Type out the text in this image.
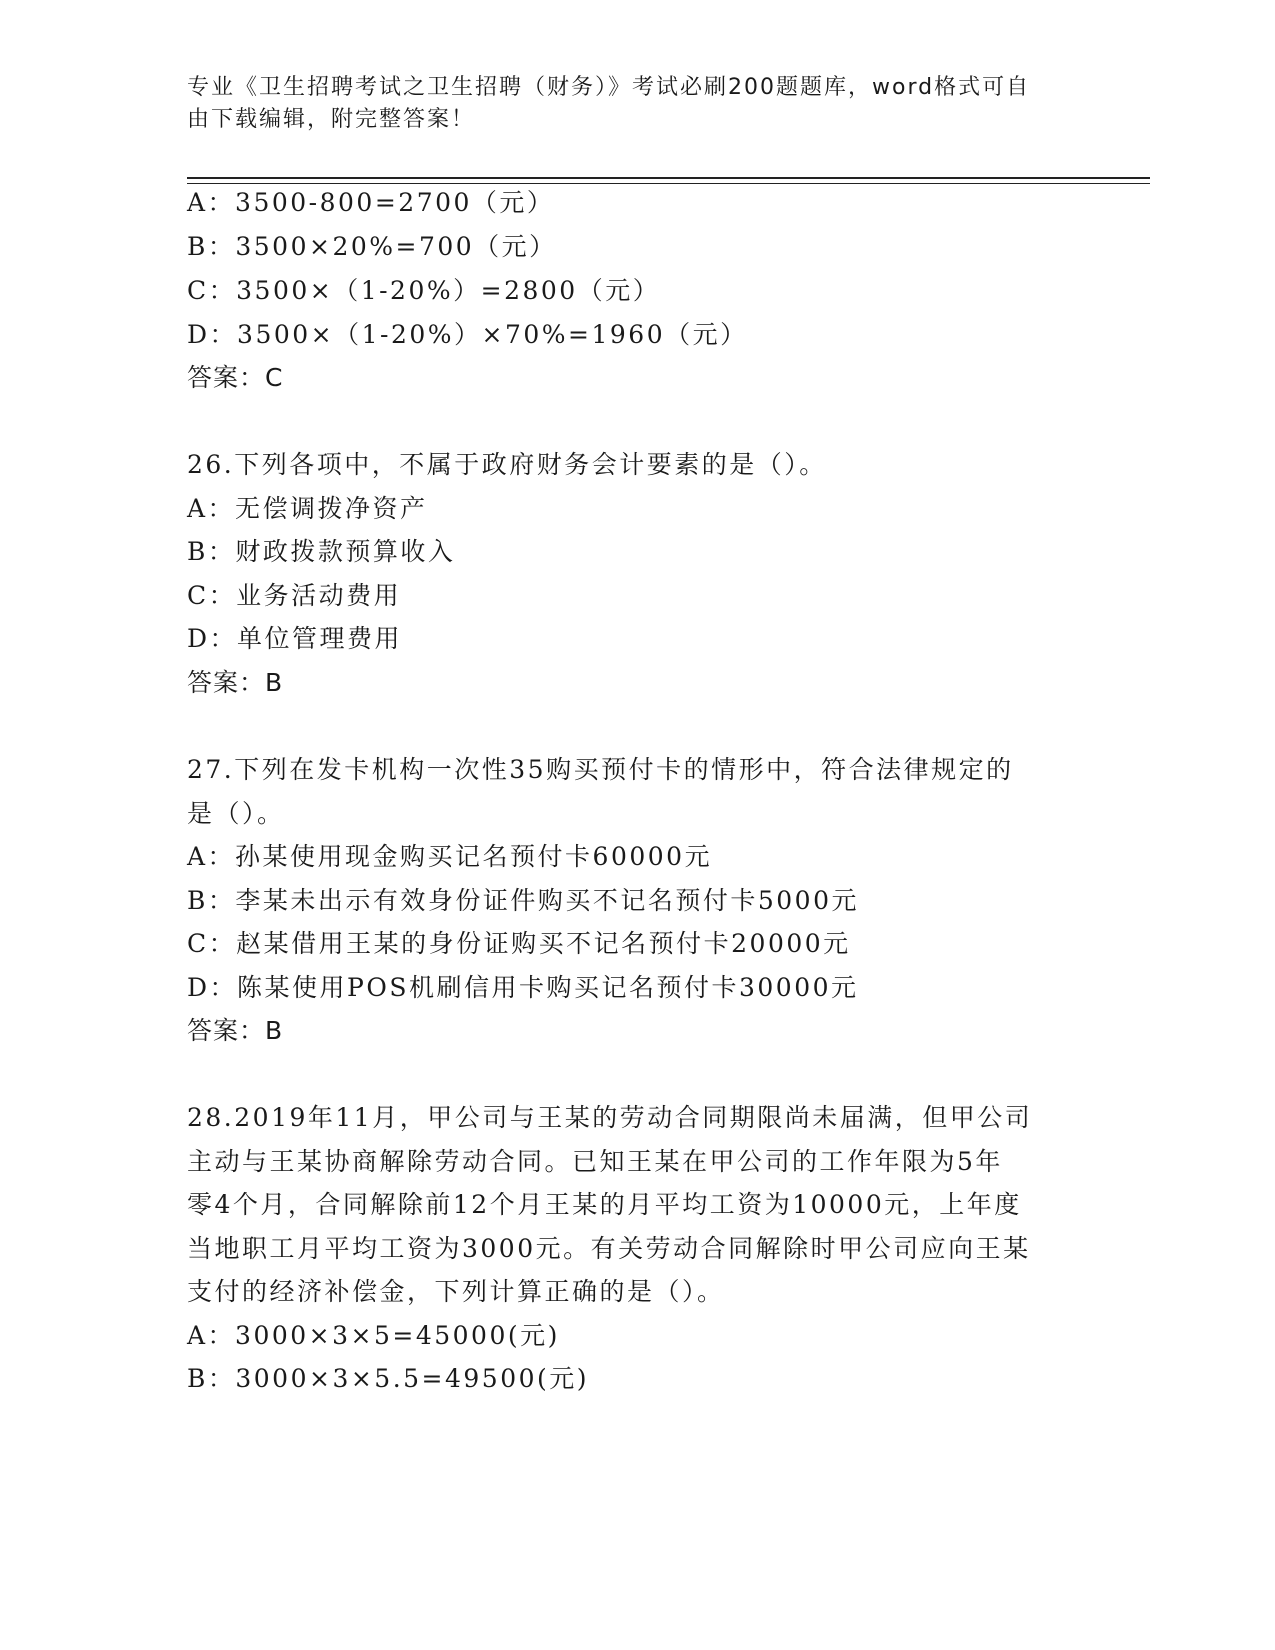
专业《卫生招聘考试之卫生招聘（财务）》考试必刷200题题库，word格式可自
由下载编辑，附完整答案！
A：3500-800=2700（元）
B：3500×20%=700（元）
C：3500×（1-20%）=2800（元）
D：3500×（1-20%）×70%=1960（元）
答案：C
26.下列各项中，不属于政府财务会计要素的是（）。
A：无偿调拨净资产
B：财政拨款预算收入
C：业务活动费用
D：单位管理费用
答案：B
27.下列在发卡机构一次性35购买预付卡的情形中，符合法律规定的
是（）。
A：孙某使用现金购买记名预付卡60000元
B：李某未出示有效身份证件购买不记名预付卡5000元
C：赵某借用王某的身份证购买不记名预付卡20000元
D：陈某使用POS机刷信用卡购买记名预付卡30000元
答案：B
28.2019年11月，甲公司与王某的劳动合同期限尚未届满，但甲公司
主动与王某协商解除劳动合同。已知王某在甲公司的工作年限为5年
零4个月，合同解除前12个月王某的月平均工资为10000元，上年度
当地职工月平均工资为3000元。有关劳动合同解除时甲公司应向王某
支付的经济补偿金，下列计算正确的是（）。
A：3000×3×5=45000(元)
B：3000×3×5.5=49500(元)
